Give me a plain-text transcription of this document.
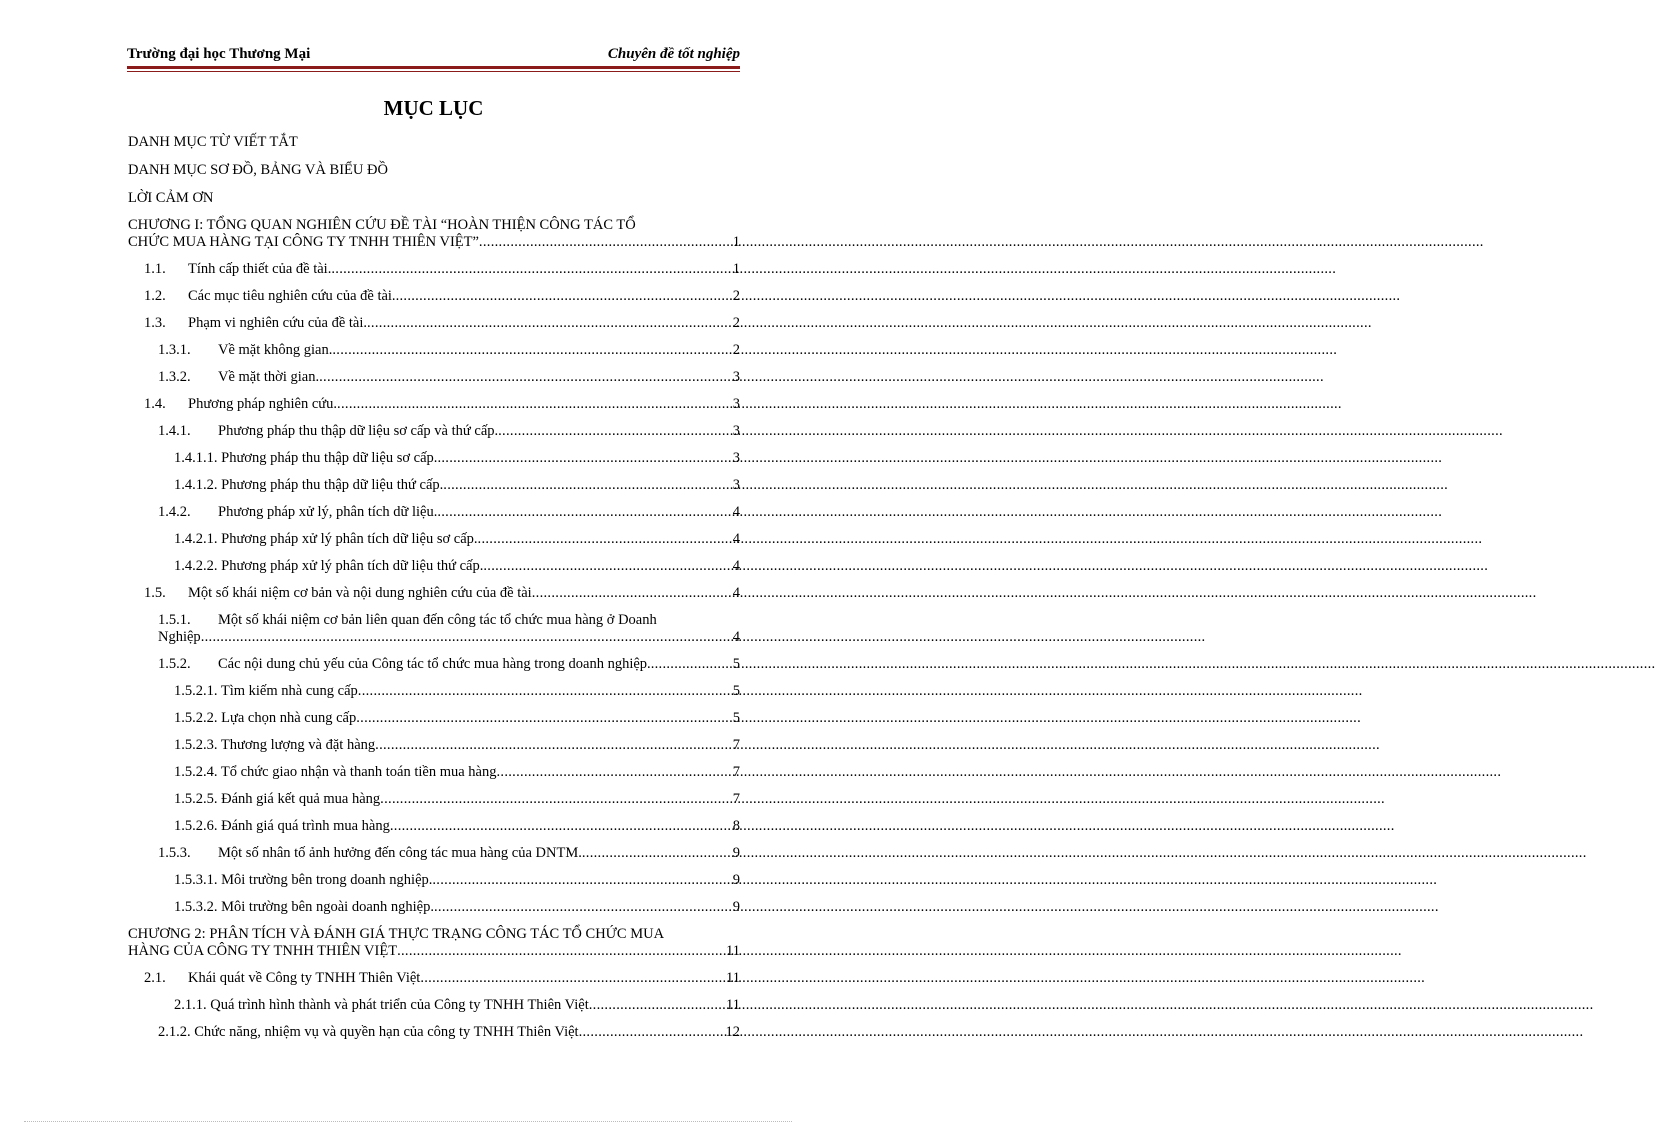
Trường đại học Thương Mại	Chuyên đề tốt nghiệp
MỤC LỤC
DANH MỤC TỪ VIẾT TẮT
DANH MỤC SƠ ĐỒ, BẢNG VÀ BIỂU ĐỒ
LỜI CẢM ƠN
CHƯƠNG I: TỔNG QUAN NGHIÊN CỨU ĐỀ TÀI “HOÀN THIỆN CÔNG TÁC TỔ
CHỨC MUA HÀNG TẠI CÔNG TY TNHH THIÊN VIỆT” .....	1
1.1. Tính cấp thiết của đề tài. .....	1
1.2. Các mục tiêu nghiên cứu của đề tài. .....	2
1.3. Phạm vi nghiên cứu của đề tài. .....	2
1.3.1. Về mặt không gian. .....	2
1.3.2. Về mặt thời gian. .....	3
1.4. Phương pháp nghiên cứu. .....	3
1.4.1. Phương pháp thu thập dữ liệu sơ cấp và thứ cấp. .....	3
1.4.1.1. Phương pháp thu thập dữ liệu sơ cấp. .....	3
1.4.1.2. Phương pháp thu thập dữ liệu thứ cấp. .....	3
1.4.2. Phương pháp xử lý, phân tích dữ liệu. .....	4
1.4.2.1. Phương pháp xử lý phân tích dữ liệu sơ cấp. .....	4
1.4.2.2. Phương pháp xử lý phân tích dữ liệu thứ cấp. .....	4
1.5. Một số khái niệm cơ bản và nội dung nghiên cứu của đề tài .....	4
1.5.1. Một số khái niệm cơ bản liên quan đến công tác tổ chức mua hàng ở Doanh
Nghiệp .....	4
1.5.2. Các nội dung chủ yếu của Công tác tổ chức mua hàng trong doanh nghiệp. .....	5
1.5.2.1. Tìm kiếm nhà cung cấp .....	5
1.5.2.2. Lựa chọn nhà cung cấp .....	5
1.5.2.3. Thương lượng và đặt hàng .....	7
1.5.2.4. Tổ chức giao nhận và thanh toán tiền mua hàng .....	7
1.5.2.5. Đánh giá kết quả mua hàng .....	7
1.5.2.6. Đánh giá quá trình mua hàng .....	8
1.5.3. Một số nhân tố ảnh hưởng đến công tác mua hàng của DNTM. .....	9
1.5.3.1. Môi trường bên trong doanh nghiệp. .....	9
1.5.3.2. Môi trường bên ngoài doanh nghiệp. .....	9
CHƯƠNG 2: PHÂN TÍCH VÀ ĐÁNH GIÁ THỰC TRẠNG CÔNG TÁC TỔ CHỨC MUA
HÀNG CỦA CÔNG TY TNHH THIÊN VIỆT .....	11
2.1. Khái quát về Công ty TNHH Thiên Việt .....	11
2.1.1. Quá trình hình thành và phát triển của Công ty TNHH Thiên Việt .....	11
2.1.2. Chức năng, nhiệm vụ và quyền hạn của công ty TNHH Thiên Việt .....	12
